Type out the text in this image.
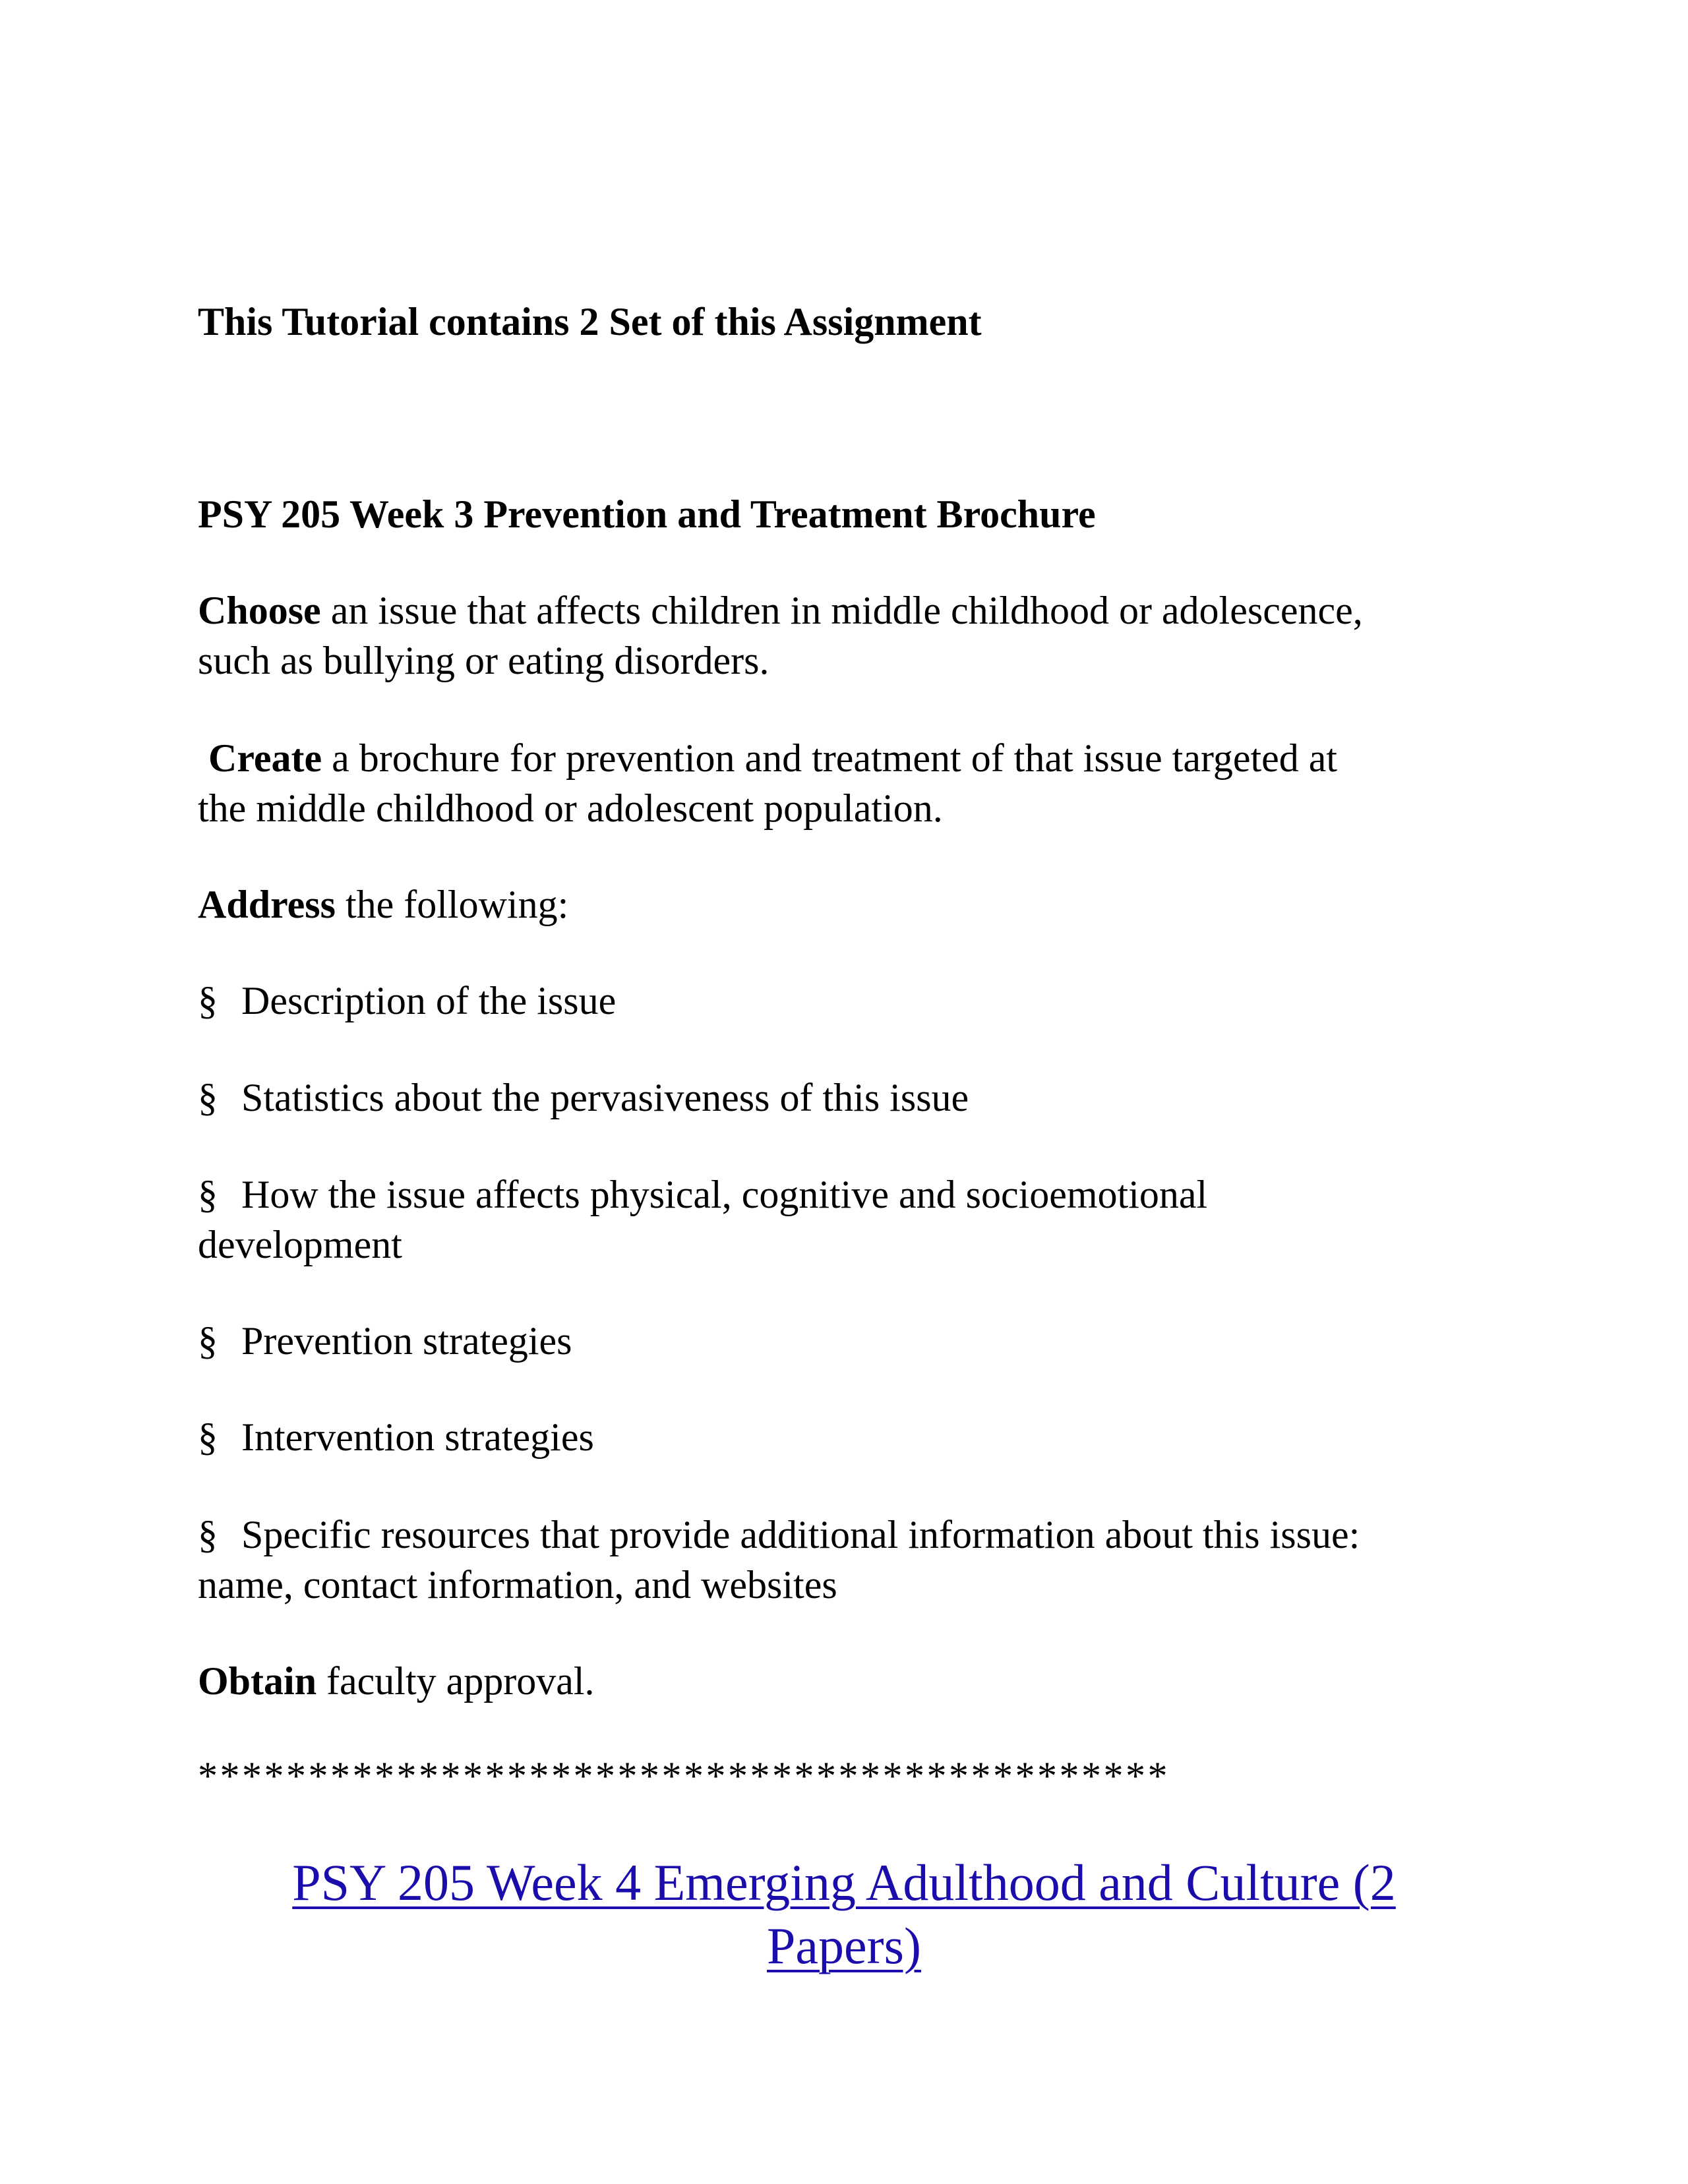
This Tutorial contains 2 Set of this Assignment

PSY 205 Week 3 Prevention and Treatment Brochure

Choose an issue that affects children in middle childhood or adolescence,

such as bullying or eating disorders.

Create a brochure for prevention and treatment of that issue targeted at

the middle childhood or adolescent population.

Address the following:

§ Description of the issue

§ Statistics about the pervasiveness of this issue

§ How the issue affects physical, cognitive and socioemotional

development

§ Prevention strategies

§ Intervention strategies

§ Specific resources that provide additional information about this issue:

name, contact information, and websites

Obtain faculty approval.

********************************************
PSY 205 Week 4 Emerging Adulthood and Culture (2
Papers)
